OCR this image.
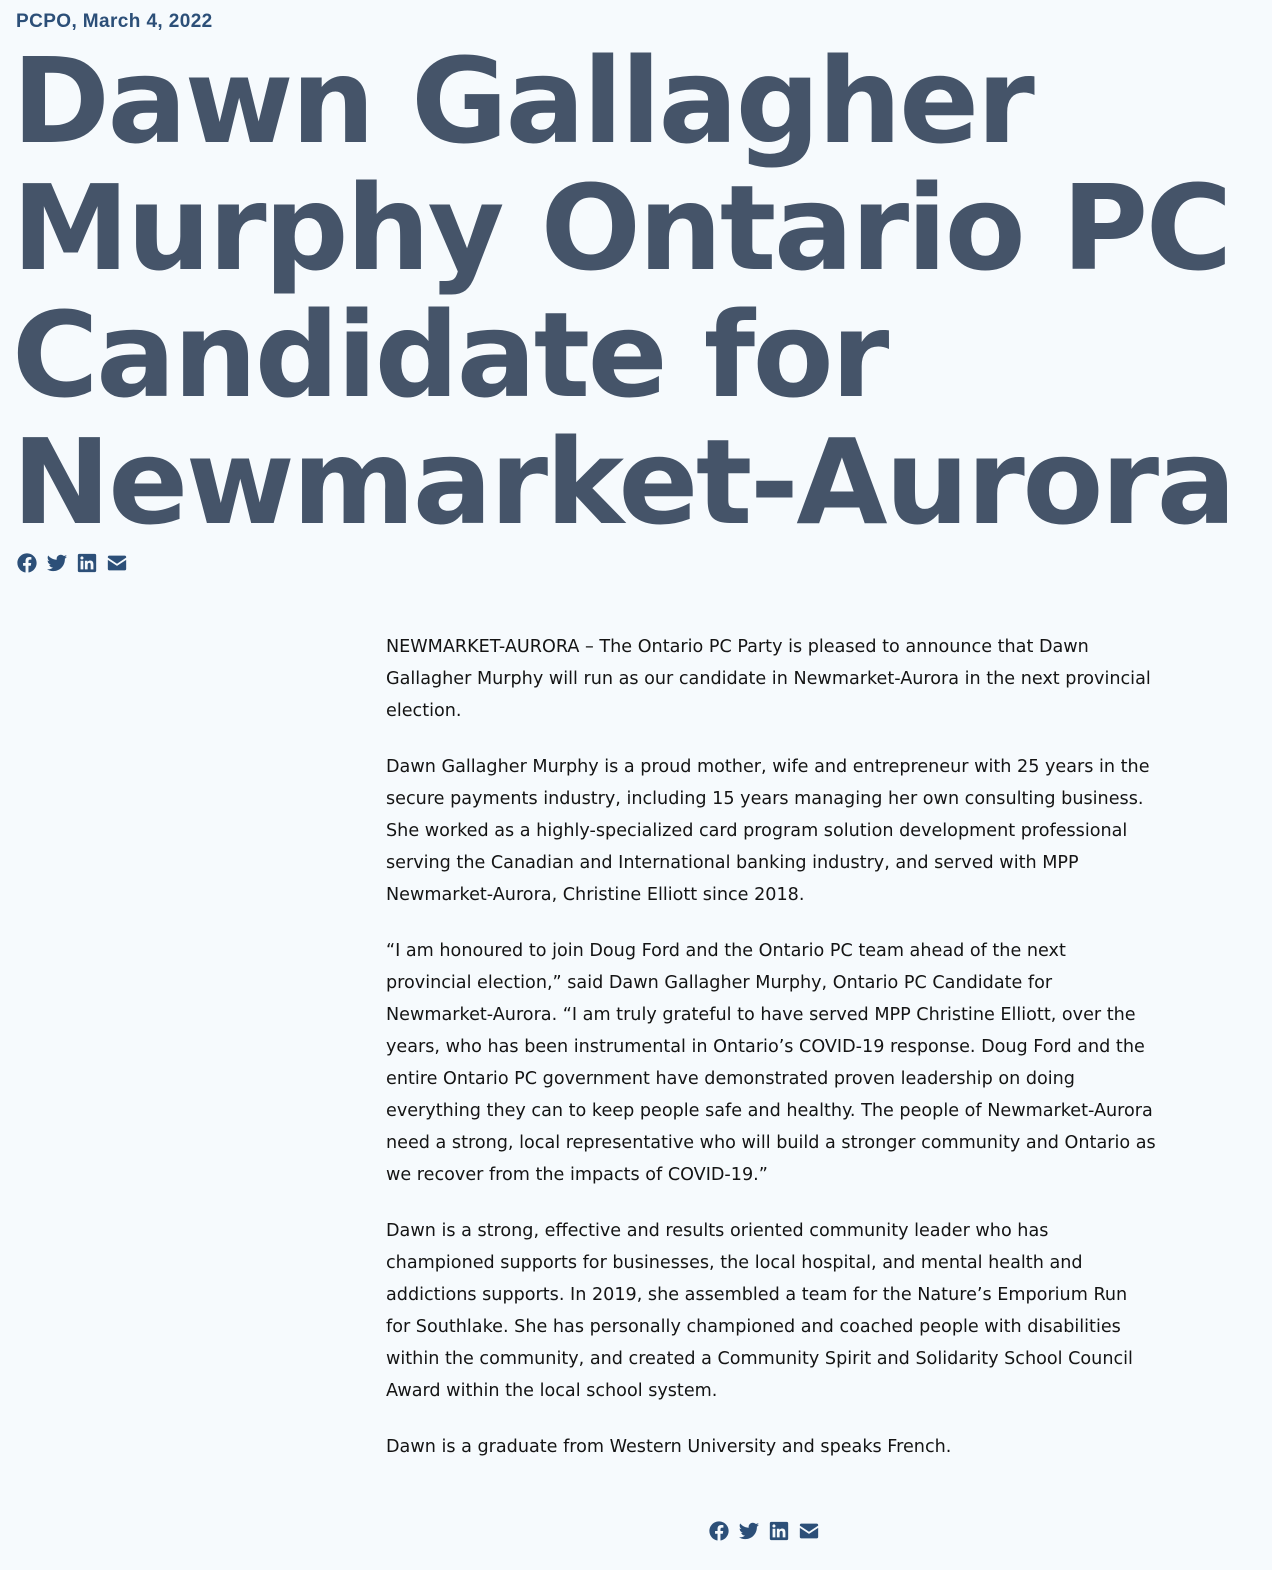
PCPO, March 4, 2022
Dawn Gallagher
Murphy Ontario PC
Candidate for
Newmarket-Aurora

NEWMARKET-AURORA – The Ontario PC Party is pleased to announce that Dawn Gallagher Murphy will run as our candidate in Newmarket-Aurora in the next provincial election.

Dawn Gallagher Murphy is a proud mother, wife and entrepreneur with 25 years in the secure payments industry, including 15 years managing her own consulting business. She worked as a highly-specialized card program solution development professional serving the Canadian and International banking industry, and served with MPP Newmarket-Aurora, Christine Elliott since 2018.

“I am honoured to join Doug Ford and the Ontario PC team ahead of the next provincial election,” said Dawn Gallagher Murphy, Ontario PC Candidate for Newmarket-Aurora. “I am truly grateful to have served MPP Christine Elliott, over the years, who has been instrumental in Ontario’s COVID-19 response. Doug Ford and the entire Ontario PC government have demonstrated proven leadership on doing everything they can to keep people safe and healthy. The people of Newmarket-Aurora need a strong, local representative who will build a stronger community and Ontario as we recover from the impacts of COVID-19.”

Dawn is a strong, effective and results oriented community leader who has championed supports for businesses, the local hospital, and mental health and addictions supports. In 2019, she assembled a team for the Nature’s Emporium Run for Southlake. She has personally championed and coached people with disabilities within the community, and created a Community Spirit and Solidarity School Council Award within the local school system.

Dawn is a graduate from Western University and speaks French.
